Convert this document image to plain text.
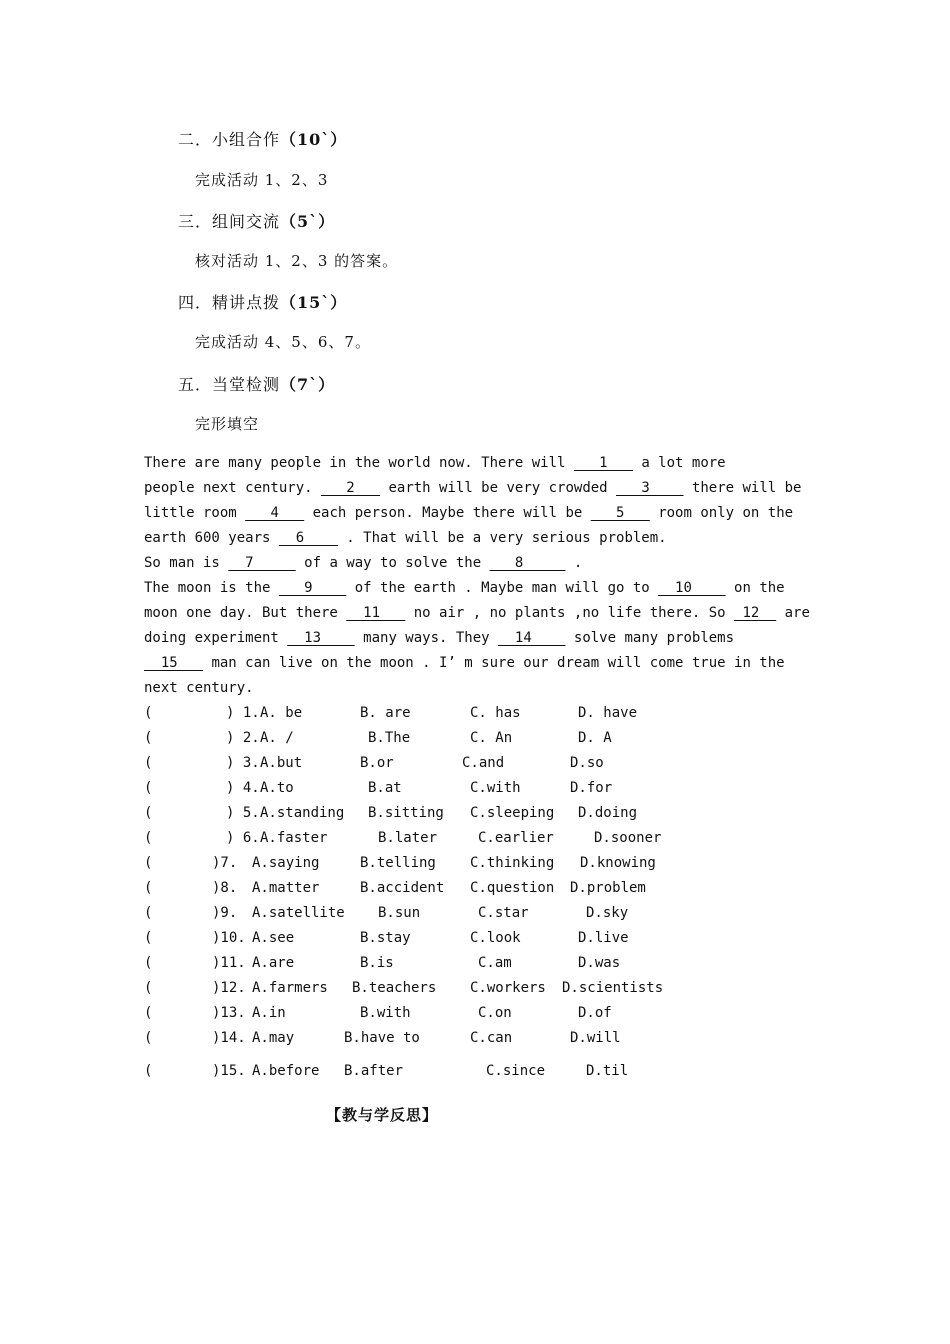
二．小组合作（10`）
完成活动 1、2、3
三．组间交流（5`）
核对活动 1、2、3 的答案。
四．精讲点拨（15`）
完成活动 4、5、6、7。
五．当堂检测（7`）
完形填空
There are many people in the world now. There will    1    a lot more
people next century.    2    earth will be very crowded    3     there will be
little room    4    each person. Maybe there will be    5    room only on the
earth 600 years   6     . That will be a very serious problem.
So man is   7      of a way to solve the    8      .
The moon is the    9     of the earth . Maybe man will go to   10     on the
moon one day. But there   11    no air , no plants ,no life there. So  12   are
doing experiment   13     many ways. They   14     solve many problems
15    man can live on the moon . I’ m sure our dream will come true in the
next century.
(	) 1. A. be	B. are	C. has	D. have
(	) 2. A. /	B.The	C. An	D. A
(	) 3. A.but	B.or	C.and	D.so
(	) 4. A.to	B.at	C.with	D.for
(	) 5. A.standing B.sitting C.sleeping D.doing
(	) 6. A.faster	B.later	C.earlier	D.sooner
(	)7. A.saying	B.telling C.thinking D.knowing
(	)8. A.matter	B.accident C.question D.problem
(	)9. A.satellite B.sun	C.star	D.sky
(	)10. A.see	B.stay	C.look	D.live
(	)11. A.are	B.is	C.am	D.was
(	)12. A.farmers B.teachers C.workers D.scientists
(	)13. A.in	B.with	C.on	D.of
(	)14. A.may	B.have to	C.can	D.will
(	)15. A.before B.after	C.since	D.til
【教与学反思】
